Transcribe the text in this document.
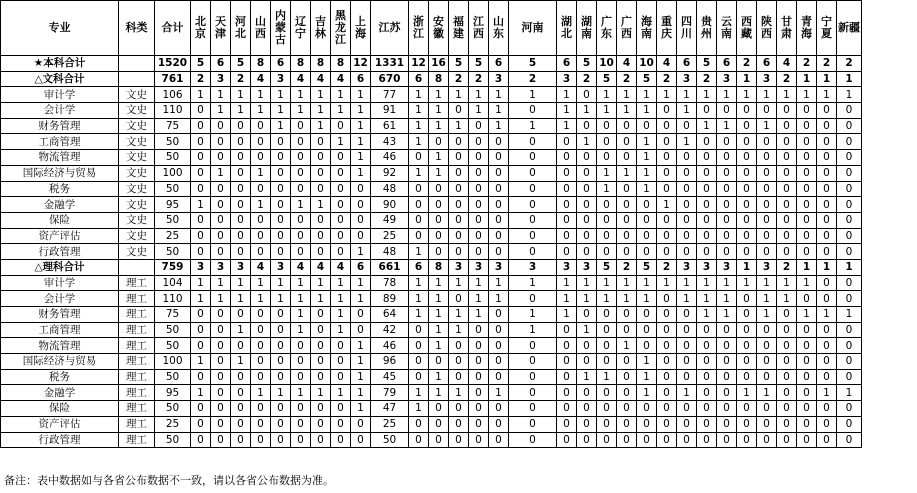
专业	科类	合计	北京	天津	河北	山西	内蒙古	辽宁	吉林	黑龙江	上海	江苏	浙江	安徽	福建	江西	山东	河南	湖北	湖南	广东	广西	海南	重庆	四川	贵州	云南	西藏	陕西	甘肃	青海	宁夏	新疆
★本科合计		1520	5	6	5	8	6	8	8	8	12	1331	12	16	5	5	6	5	6	5	10	4	10	4	6	5	6	2	6	4	2	2	2
△文科合计		761	2	3	2	4	3	4	4	4	6	670	6	8	2	2	3	2	3	2	5	2	5	2	3	2	3	1	3	2	1	1	1
审计学	文史	106	1	1	1	1	1	1	1	1	1	77	1	1	1	1	1	1	1	0	1	1	1	1	1	1	1	1	1	1	1	1	1
会计学	文史	110	0	1	1	1	1	1	1	1	1	91	1	1	0	1	1	0	1	1	1	1	1	0	1	0	0	0	0	0	0	0	0
财务管理	文史	75	0	0	0	0	1	0	1	0	1	61	1	1	1	0	1	1	1	0	0	0	0	0	0	1	1	0	1	0	0	0	0
工商管理	文史	50	0	0	0	0	0	0	0	1	1	43	1	0	0	0	0	0	0	1	0	0	1	0	1	0	0	0	0	0	0	0	0
物流管理	文史	50	0	0	0	0	0	0	0	0	1	46	0	1	0	0	0	0	0	0	0	0	1	0	0	0	0	0	0	0	0	0	0
国际经济与贸易	文史	100	0	1	0	1	0	0	0	0	1	92	1	1	0	0	0	0	0	0	1	1	1	0	0	0	0	0	0	0	0	0	0
税务	文史	50	0	0	0	0	0	0	0	0	0	48	0	0	0	0	0	0	0	0	1	0	1	0	0	0	0	0	0	0	0	0	0
金融学	文史	95	1	0	0	1	0	1	1	0	0	90	0	0	0	0	0	0	0	0	0	0	0	1	0	0	0	0	0	0	0	0	0
保险	文史	50	0	0	0	0	0	0	0	0	0	49	0	0	0	0	0	0	0	0	0	0	0	0	0	0	0	0	0	0	0	0	0
资产评估	文史	25	0	0	0	0	0	0	0	0	0	25	0	0	0	0	0	0	0	0	0	0	0	0	0	0	0	0	0	0	0	0	0
行政管理	文史	50	0	0	0	0	0	0	0	0	1	48	1	0	0	0	0	0	0	0	0	0	0	0	0	0	0	0	0	0	0	0	0
△理科合计		759	3	3	3	4	3	4	4	4	6	661	6	8	3	3	3	3	3	3	5	2	5	2	3	3	3	1	3	2	1	1	1
审计学	理工	104	1	1	1	1	1	1	1	1	1	78	1	1	1	1	1	1	1	1	1	1	1	1	1	1	1	1	1	1	1	0	0
会计学	理工	110	1	1	1	1	1	1	1	1	1	89	1	1	0	1	1	0	1	1	1	1	1	0	1	1	1	0	1	1	0	0	0
财务管理	理工	75	0	0	0	0	0	1	0	1	0	64	1	1	1	1	0	1	1	0	0	0	0	0	0	1	1	0	1	0	1	1	1
工商管理	理工	50	0	0	1	0	0	1	0	1	0	42	0	1	1	0	0	1	0	1	0	0	0	0	0	0	0	0	0	0	0	0	0
物流管理	理工	50	0	0	0	0	0	0	0	0	1	46	0	1	0	0	0	0	0	0	0	1	0	0	0	0	0	0	0	0	0	0	0
国际经济与贸易	理工	100	1	0	1	0	0	0	0	0	1	96	0	0	0	0	0	0	0	0	0	0	1	0	0	0	0	0	0	0	0	0	0
税务	理工	50	0	0	0	0	0	0	0	0	1	45	0	1	0	0	0	0	0	1	1	0	1	0	0	0	0	0	0	0	0	0	0
金融学	理工	95	1	0	0	1	1	1	1	1	1	79	1	1	1	0	1	0	0	0	0	0	1	0	1	0	0	1	1	0	0	1	1
保险	理工	50	0	0	0	0	0	0	0	0	1	47	1	0	0	0	0	0	0	0	0	0	0	0	0	0	0	0	0	0	0	0	0
资产评估	理工	25	0	0	0	0	0	0	0	0	0	25	0	0	0	0	0	0	0	0	0	0	0	0	0	0	0	0	0	0	0	0	0
行政管理	理工	50	0	0	0	0	0	0	0	0	0	50	0	0	0	0	0	0	0	0	0	0	0	0	0	0	0	0	0	0	0	0	0
备注：表中数据如与各省公布数据不一致，请以各省公布数据为准。
